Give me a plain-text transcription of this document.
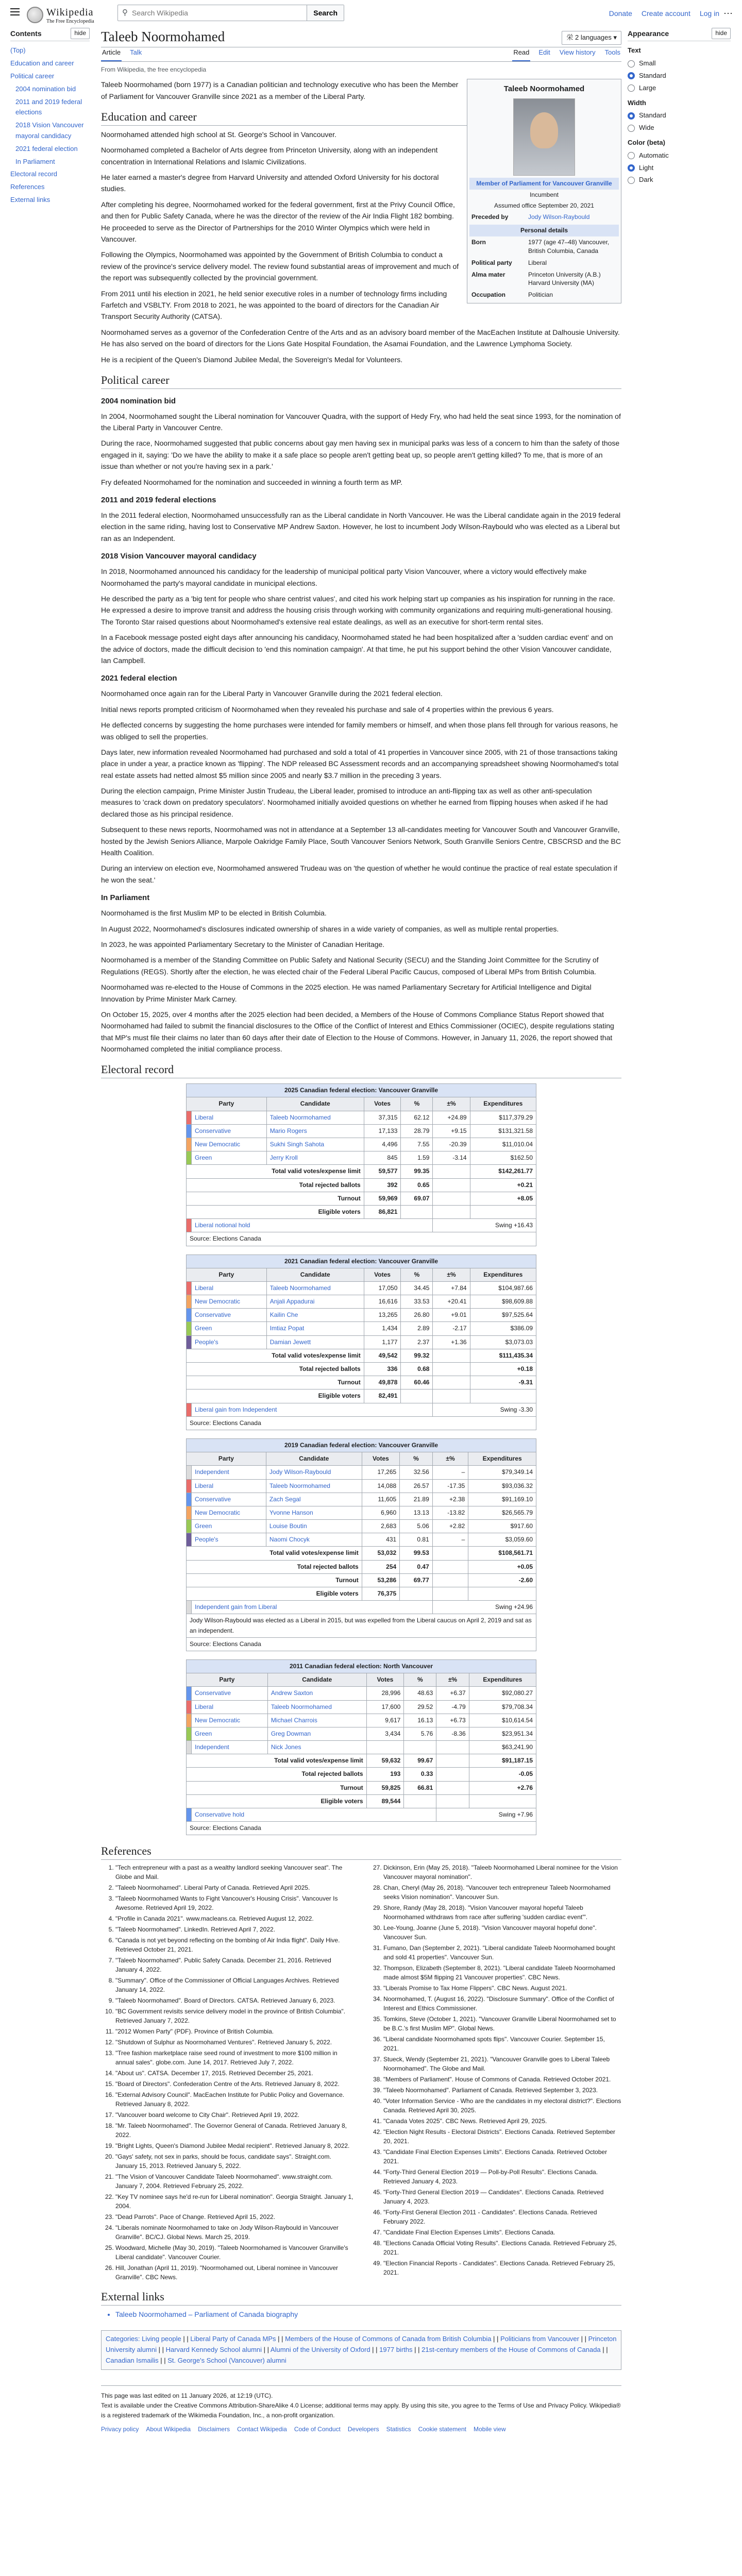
Wikipedia
The Free Encyclopedia
⚲
Search Wikipedia	Search	Donate Create account Log in ⋯
Contents	hide
(Top)
Education and career
Political career
2004 nomination bid
2011 and 2019 federal elections
2018 Vision Vancouver mayoral candidacy
2021 federal election
In Parliament
Electoral record
References
External links
Taleeb Noormohamed	栄 2 languages ▾
Article Talk	Read Edit View history Tools
From Wikipedia, the free encyclopedia
Taleeb Noormohamed
Member of Parliament for Vancouver Granville
Incumbent
Assumed office September 20, 2021
Preceded by	Jody Wilson-Raybould
Personal details
Born	1977 (age 47–48) Vancouver, British Columbia, Canada
Political party	Liberal
Alma mater	Princeton University (A.B.) Harvard University (MA)
Occupation	Politician
Taleeb Noormohamed (born 1977) is a Canadian politician and technology executive who has been the Member of Parliament for Vancouver Granville since 2021 as a member of the Liberal Party.
Education and career

Noormohamed attended high school at St. George's School in Vancouver.

Noormohamed completed a Bachelor of Arts degree from Princeton University, along with an independent concentration in International Relations and Islamic Civilizations.

He later earned a master's degree from Harvard University and attended Oxford University for his doctoral studies.

After completing his degree, Noormohamed worked for the federal government, first at the Privy Council Office, and then for Public Safety Canada, where he was the director of the review of the Air India Flight 182 bombing. He proceeded to serve as the Director of Partnerships for the 2010 Winter Olympics which were held in Vancouver.

Following the Olympics, Noormohamed was appointed by the Government of British Columbia to conduct a review of the province's service delivery model. The review found substantial areas of improvement and much of the report was subsequently collected by the provincial government.

From 2011 until his election in 2021, he held senior executive roles in a number of technology firms including Farfetch and VSBLTY. From 2018 to 2021, he was appointed to the board of directors for the Canadian Air Transport Security Authority (CATSA).

Noormohamed serves as a governor of the Confederation Centre of the Arts and as an advisory board member of the MacEachen Institute at Dalhousie University. He has also served on the board of directors for the Lions Gate Hospital Foundation, the Asamai Foundation, and the Lawrence Lymphoma Society.

He is a recipient of the Queen's Diamond Jubilee Medal, the Sovereign's Medal for Volunteers.

Political career
2004 nomination bid

In 2004, Noormohamed sought the Liberal nomination for Vancouver Quadra, with the support of Hedy Fry, who had held the seat since 1993, for the nomination of the Liberal Party in Vancouver Centre.

During the race, Noormohamed suggested that public concerns about gay men having sex in municipal parks was less of a concern to him than the safety of those engaged in it, saying: 'Do we have the ability to make it a safe place so people aren't getting beat up, so people aren't getting killed? To me, that is more of an issue than whether or not you're having sex in a park.'

Fry defeated Noormohamed for the nomination and succeeded in winning a fourth term as MP.

2011 and 2019 federal elections

In the 2011 federal election, Noormohamed unsuccessfully ran as the Liberal candidate in North Vancouver. He was the Liberal candidate again in the 2019 federal election in the same riding, having lost to Conservative MP Andrew Saxton. However, he lost to incumbent Jody Wilson-Raybould who was elected as a Liberal but ran as an Independent.

2018 Vision Vancouver mayoral candidacy

In 2018, Noormohamed announced his candidacy for the leadership of municipal political party Vision Vancouver, where a victory would effectively make Noormohamed the party's mayoral candidate in municipal elections.

He described the party as a 'big tent for people who share centrist values', and cited his work helping start up companies as his inspiration for running in the race. He expressed a desire to improve transit and address the housing crisis through working with community organizations and requiring multi-generational housing. The Toronto Star raised questions about Noormohamed's extensive real estate dealings, as well as an executive for short-term rental sites.

In a Facebook message posted eight days after announcing his candidacy, Noormohamed stated he had been hospitalized after a 'sudden cardiac event' and on the advice of doctors, made the difficult decision to 'end this nomination campaign'. At that time, he put his support behind the other Vision Vancouver candidate, Ian Campbell.

2021 federal election

Noormohamed once again ran for the Liberal Party in Vancouver Granville during the 2021 federal election.

Initial news reports prompted criticism of Noormohamed when they revealed his purchase and sale of 4 properties within the previous 6 years.

He deflected concerns by suggesting the home purchases were intended for family members or himself, and when those plans fell through for various reasons, he was obliged to sell the properties.

Days later, new information revealed Noormohamed had purchased and sold a total of 41 properties in Vancouver since 2005, with 21 of those transactions taking place in under a year, a practice known as 'flipping'. The NDP released BC Assessment records and an accompanying spreadsheet showing Noormohamed's total real estate assets had netted almost $5 million since 2005 and nearly $3.7 million in the preceding 3 years.

During the election campaign, Prime Minister Justin Trudeau, the Liberal leader, promised to introduce an anti-flipping tax as well as other anti-speculation measures to 'crack down on predatory speculators'. Noormohamed initially avoided questions on whether he earned from flipping houses when asked if he had declared those as his principal residence.

Subsequent to these news reports, Noormohamed was not in attendance at a September 13 all-candidates meeting for Vancouver South and Vancouver Granville, hosted by the Jewish Seniors Alliance, Marpole Oakridge Family Place, South Vancouver Seniors Network, South Granville Seniors Centre, CBSCRSD and the BC Health Coalition.

During an interview on election eve, Noormohamed answered Trudeau was on 'the question of whether he would continue the practice of real estate speculation if he won the seat.'

In Parliament

Noormohamed is the first Muslim MP to be elected in British Columbia.

In August 2022, Noormohamed's disclosures indicated ownership of shares in a wide variety of companies, as well as multiple rental properties.

In 2023, he was appointed Parliamentary Secretary to the Minister of Canadian Heritage.

Noormohamed is a member of the Standing Committee on Public Safety and National Security (SECU) and the Standing Joint Committee for the Scrutiny of Regulations (REGS). Shortly after the election, he was elected chair of the Federal Liberal Pacific Caucus, composed of Liberal MPs from British Columbia.

Noormohamed was re-elected to the House of Commons in the 2025 election. He was named Parliamentary Secretary for Artificial Intelligence and Digital Innovation by Prime Minister Mark Carney.

On October 15, 2025, over 4 months after the 2025 election had been decided, a Members of the House of Commons Compliance Status Report showed that Noormohamed had failed to submit the financial disclosures to the Office of the Conflict of Interest and Ethics Commissioner (OCIEC), despite regulations stating that MP's must file their claims no later than 60 days after their date of Election to the House of Commons. However, in January 11, 2026, the report showed that Noormohamed completed the initial compliance process.

Electoral record
2025 Canadian federal election: Vancouver Granville
Party		Candidate	Votes	%	±%	Expenditures
	Liberal	Taleeb Noormohamed	37,315	62.12	+24.89	$117,379.29
	Conservative	Mario Rogers	17,133	28.79	+9.15	$131,321.58
	New Democratic	Sukhi Singh Sahota	4,496	7.55	-20.39	$11,010.04
	Green	Jerry Kroll	845	1.59	-3.14	$162.50
Total valid votes/expense limit			59,577	99.35		$142,261.77
Total rejected ballots			392	0.65		+0.21
Turnout			59,969	69.07		+8.05
Eligible voters			86,821			
	Liberal notional hold				Swing +16.43	
Source: Elections Canada						
2021 Canadian federal election: Vancouver Granville
Party		Candidate	Votes	%	±%	Expenditures
	Liberal	Taleeb Noormohamed	17,050	34.45	+7.84	$104,987.66
	New Democratic	Anjali Appadurai	16,616	33.53	+20.41	$98,609.88
	Conservative	Kailin Che	13,265	26.80	+9.01	$97,525.64
	Green	Imtiaz Popat	1,434	2.89	-2.17	$386.09
	People's	Damian Jewett	1,177	2.37	+1.36	$3,073.03
Total valid votes/expense limit			49,542	99.32		$111,435.34
Total rejected ballots			336	0.68		+0.18
Turnout			49,878	60.46		-9.31
Eligible voters			82,491			
	Liberal gain from Independent				Swing -3.30	
Source: Elections Canada						
2019 Canadian federal election: Vancouver Granville
Party		Candidate	Votes	%	±%	Expenditures
	Independent	Jody Wilson-Raybould	17,265	32.56	–	$79,349.14
	Liberal	Taleeb Noormohamed	14,088	26.57	-17.35	$93,036.32
	Conservative	Zach Segal	11,605	21.89	+2.38	$91,169.10
	New Democratic	Yvonne Hanson	6,960	13.13	-13.82	$26,565.79
	Green	Louise Boutin	2,683	5.06	+2.82	$917.60
	People's	Naomi Chocyk	431	0.81	–	$3,059.60
Total valid votes/expense limit			53,032	99.53		$108,561.71
Total rejected ballots			254	0.47		+0.05
Turnout			53,286	69.77		-2.60
Eligible voters			76,375			
	Independent gain from Liberal				Swing +24.96	
Jody Wilson-Raybould was elected as a Liberal in 2015, but was expelled from the Liberal caucus on April 2, 2019 and sat as an independent.						
Source: Elections Canada						
2011 Canadian federal election: North Vancouver
Party		Candidate	Votes	%	±%	Expenditures
	Conservative	Andrew Saxton	28,996	48.63	+6.37	$92,080.27
	Liberal	Taleeb Noormohamed	17,600	29.52	-4.79	$79,708.34
	New Democratic	Michael Charrois	9,617	16.13	+6.73	$10,614.54
	Green	Greg Dowman	3,434	5.76	-8.36	$23,951.34
	Independent	Nick Jones				$63,241.90
Total valid votes/expense limit			59,632	99.67		$91,187.15
Total rejected ballots			193	0.33		-0.05
Turnout			59,825	66.81		+2.76
Eligible voters			89,544			
	Conservative hold				Swing +7.96	
Source: Elections Canada						
References
1. "Tech entrepreneur with a past as a wealthy landlord seeking Vancouver seat". The Globe and Mail.
2. "Taleeb Noormohamed". Liberal Party of Canada. Retrieved April 2025.
3. "Taleeb Noormohamed Wants to Fight Vancouver's Housing Crisis". Vancouver Is Awesome. Retrieved April 19, 2022.
4. "Profile in Canada 2021". www.macleans.ca. Retrieved August 12, 2022.
5. "Taleeb Noormohamed". LinkedIn. Retrieved April 7, 2022.
6. "Canada is not yet beyond reflecting on the bombing of Air India flight". Daily Hive. Retrieved October 21, 2021.
7. "Taleeb Noormohamed". Public Safety Canada. December 21, 2016. Retrieved January 4, 2022.
8. "Summary". Office of the Commissioner of Official Languages Archives. Retrieved January 14, 2022.
9. "Taleeb Noormohamed". Board of Directors. CATSA. Retrieved January 6, 2023.
10. "BC Government revisits service delivery model in the province of British Columbia". Retrieved January 7, 2022.
11. "2012 Women Party" (PDF). Province of British Columbia.
12. "Shutdown of Sulphur as Noormohamed Ventures". Retrieved January 5, 2022.
13. "Tree fashion marketplace raise seed round of investment to more $100 million in annual sales". globe.com. June 14, 2017. Retrieved July 7, 2022.
14. "About us". CATSA. December 17, 2015. Retrieved December 25, 2021.
15. "Board of Directors". Confederation Centre of the Arts. Retrieved January 8, 2022.
16. "External Advisory Council". MacEachen Institute for Public Policy and Governance. Retrieved January 8, 2022.
17. "Vancouver board welcome to City Chair". Retrieved April 19, 2022.
18. "Mr. Taleeb Noormohamed". The Governor General of Canada. Retrieved January 8, 2022.
19. "Bright Lights, Queen's Diamond Jubilee Medal recipient". Retrieved January 8, 2022.
20. "Gays' safety, not sex in parks, should be focus, candidate says". Straight.com. January 15, 2013. Retrieved January 5, 2022.
21. "The Vision of Vancouver Candidate Taleeb Noormohamed". www.straight.com. January 7, 2004. Retrieved February 25, 2022.
22. "Key TV nominee says he'd re-run for Liberal nomination". Georgia Straight. January 1, 2004.
23. "Dead Parrots". Pace of Change. Retrieved April 15, 2022.
24. "Liberals nominate Noormohamed to take on Jody Wilson-Raybould in Vancouver Granville". BC/CJ. Global News. March 25, 2019.
25. Woodward, Michelle (May 30, 2019). "Taleeb Noormohamed is Vancouver Granville's Liberal candidate". Vancouver Courier.
26. Hill, Jonathan (April 11, 2019). "Noormohamed out, Liberal nominee in Vancouver Granville". CBC News.
27. Dickinson, Erin (May 25, 2018). "Taleeb Noormohamed Liberal nominee for the Vision Vancouver mayoral nomination".
28. Chan, Cheryl (May 26, 2018). "Vancouver tech entrepreneur Taleeb Noormohamed seeks Vision nomination". Vancouver Sun.
29. Shore, Randy (May 28, 2018). "Vision Vancouver mayoral hopeful Taleeb Noormohamed withdraws from race after suffering 'sudden cardiac event'".
30. Lee-Young, Joanne (June 5, 2018). "Vision Vancouver mayoral hopeful done". Vancouver Sun.
31. Fumano, Dan (September 2, 2021). "Liberal candidate Taleeb Noormohamed bought and sold 41 properties". Vancouver Sun.
32. Thompson, Elizabeth (September 8, 2021). "Liberal candidate Taleeb Noormohamed made almost $5M flipping 21 Vancouver properties". CBC News.
33. "Liberals Promise to Tax Home Flippers". CBC News. August 2021.
34. Noormohamed, T. (August 16, 2022). "Disclosure Summary". Office of the Conflict of Interest and Ethics Commissioner.
35. Tomkins, Steve (October 1, 2021). "Vancouver Granville Liberal Noormohamed set to be B.C.'s first Muslim MP". Global News.
36. "Liberal candidate Noormohamed spots flips". Vancouver Courier. September 15, 2021.
37. Stueck, Wendy (September 21, 2021). "Vancouver Granville goes to Liberal Taleeb Noormohamed". The Globe and Mail.
38. "Members of Parliament". House of Commons of Canada. Retrieved October 2021.
39. "Taleeb Noormohamed". Parliament of Canada. Retrieved September 3, 2023.
40. "Voter Information Service - Who are the candidates in my electoral district?". Elections Canada. Retrieved April 30, 2025.
41. "Canada Votes 2025". CBC News. Retrieved April 29, 2025.
42. "Election Night Results - Electoral Districts". Elections Canada. Retrieved September 20, 2021.
43. "Candidate Final Election Expenses Limits". Elections Canada. Retrieved October 2021.
44. "Forty-Third General Election 2019 — Poll-by-Poll Results". Elections Canada. Retrieved January 4, 2023.
45. "Forty-Third General Election 2019 — Candidates". Elections Canada. Retrieved January 4, 2023.
46. "Forty-First General Election 2011 - Candidates". Elections Canada. Retrieved February 2022.
47. "Candidate Final Election Expenses Limits". Elections Canada.
48. "Elections Canada Official Voting Results". Elections Canada. Retrieved February 25, 2021.
49. "Election Financial Reports - Candidates". Elections Canada. Retrieved February 25, 2021.
External links
• Taleeb Noormohamed – Parliament of Canada biography
Categories: Living people | | Liberal Party of Canada MPs | | Members of the House of Commons of Canada from British Columbia | | Politicians from Vancouver | | Princeton University alumni | | Harvard Kennedy School alumni | | Alumni of the University of Oxford | | 1977 births | | 21st-century members of the House of Commons of Canada | | Canadian Ismailis | | St. George's School (Vancouver) alumni
This page was last edited on 11 January 2026, at 12:19 (UTC).
Text is available under the Creative Commons Attribution-ShareAlike 4.0 License; additional terms may apply. By using this site, you agree to the Terms of Use and Privacy Policy. Wikipedia® is a registered trademark of the Wikimedia Foundation, Inc., a non-profit organization.
Privacy policy About Wikipedia Disclaimers Contact Wikipedia Code of Conduct Developers Statistics Cookie statement Mobile view
Appearance	hide
Text
Small
Standard
Large
Width
Standard
Wide
Color (beta)
Automatic
Light
Dark
